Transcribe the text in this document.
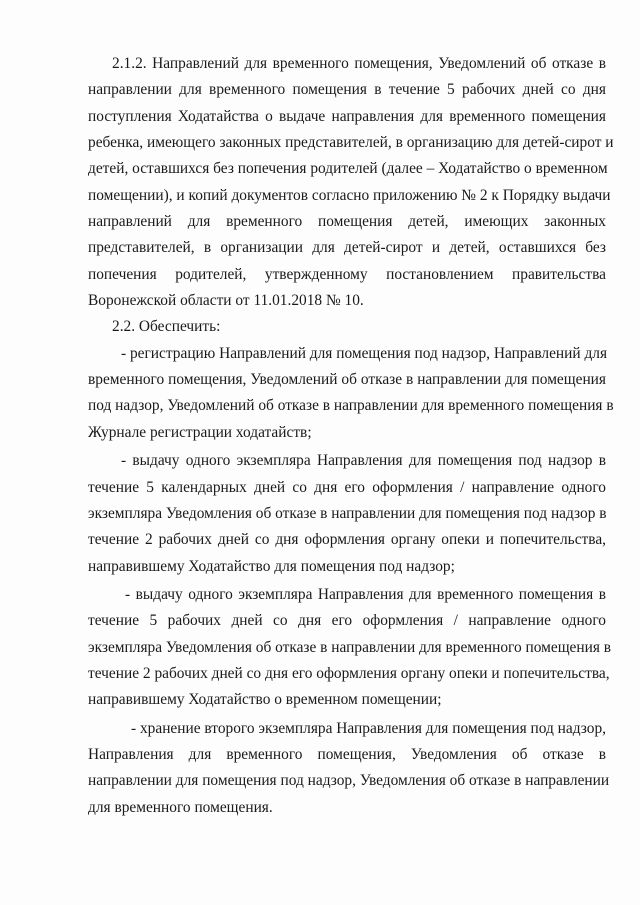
2.1.2. Направлений для временного помещения, Уведомлений об отказе в
направлении для временного помещения в течение 5 рабочих дней со дня
поступления Ходатайства о выдаче направления для временного помещения
ребенка, имеющего законных представителей, в организацию для детей-сирот и
детей, оставшихся без попечения родителей (далее – Ходатайство о временном
помещении), и копий документов согласно приложению № 2 к Порядку выдачи
направлений для временного помещения детей, имеющих законных
представителей, в организации для детей-сирот и детей, оставшихся без
попечения родителей, утвержденному постановлением правительства
Воронежской области от 11.01.2018 № 10.
2.2. Обеспечить:
- регистрацию Направлений для помещения под надзор, Направлений для
временного помещения, Уведомлений об отказе в направлении для помещения
под надзор, Уведомлений об отказе в направлении для временного помещения в
Журнале регистрации ходатайств;
- выдачу одного экземпляра Направления для помещения под надзор в
течение 5 календарных дней со дня его оформления / направление одного
экземпляра Уведомления об отказе в направлении для помещения под надзор в
течение 2 рабочих дней со дня оформления органу опеки и попечительства,
направившему Ходатайство для помещения под надзор;
- выдачу одного экземпляра Направления для временного помещения в
течение 5 рабочих дней со дня его оформления / направление одного
экземпляра Уведомления об отказе в направлении для временного помещения в
течение 2 рабочих дней со дня его оформления органу опеки и попечительства,
направившему Ходатайство о временном помещении;
- хранение второго экземпляра Направления для помещения под надзор,
Направления для временного помещения, Уведомления об отказе в
направлении для помещения под надзор, Уведомления об отказе в направлении
для временного помещения.
